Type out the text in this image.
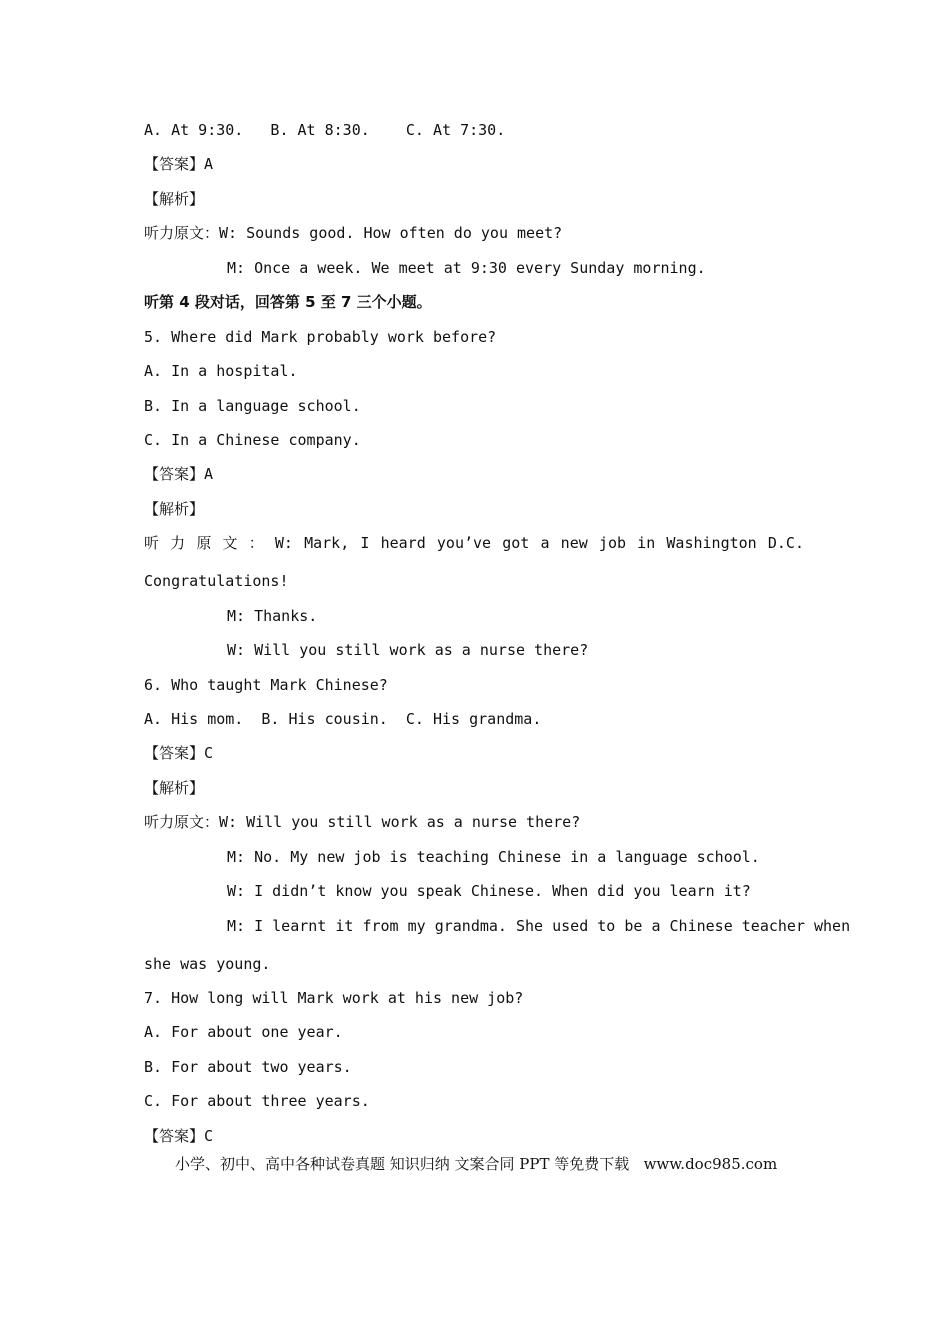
A. At 9:30.   B. At 8:30.    C. At 7:30.
【答案】A
【解析】
听力原文：W: Sounds good. How often do you meet?
M: Once a week. We meet at 9:30 every Sunday morning.
听第 4 段对话，回答第 5 至 7 三个小题。
5. Where did Mark probably work before?
A. In a hospital.
B. In a language school.
C. In a Chinese company.
【答案】A
【解析】
听 力 原 文 ： W: Mark, I heard you’ve got a new job in Washington D.C.
Congratulations!
M: Thanks.
W: Will you still work as a nurse there?
6. Who taught Mark Chinese?
A. His mom.  B. His cousin.  C. His grandma.
【答案】C
【解析】
听力原文：W: Will you still work as a nurse there?
M: No. My new job is teaching Chinese in a language school.
W: I didn’t know you speak Chinese. When did you learn it?
M: I learnt it from my grandma. She used to be a Chinese teacher when
she was young.
7. How long will Mark work at his new job?
A. For about one year.
B. For about two years.
C. For about three years.
【答案】C
小学、初中、高中各种试卷真题 知识归纳 文案合同 PPT 等免费下载   www.doc985.com
